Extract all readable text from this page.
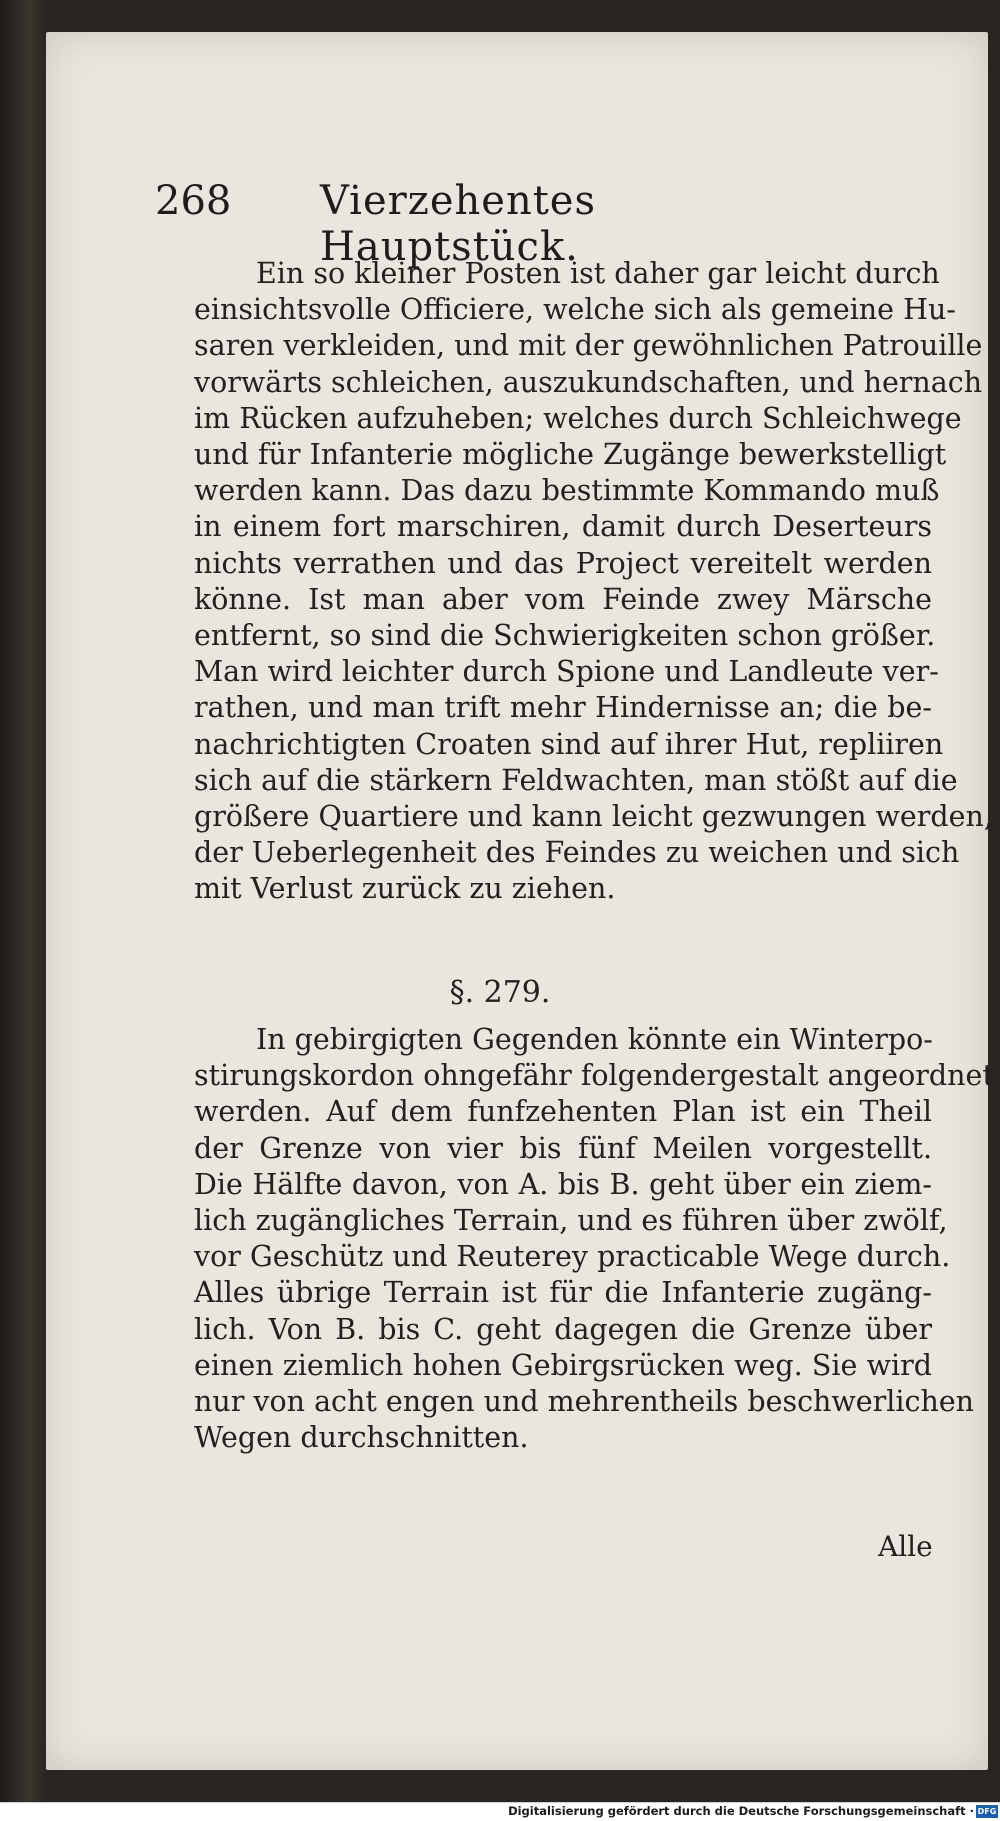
268 Vierzehentes Hauptstück.
Ein so kleiner Posten ist daher gar leicht durch
einsichtsvolle Officiere, welche sich als gemeine Hu-
saren verkleiden, und mit der gewöhnlichen Patrouille
vorwärts schleichen, auszukundschaften, und hernach
im Rücken aufzuheben; welches durch Schleichwege
und für Infanterie mögliche Zugänge bewerkstelligt
werden kann. Das dazu bestimmte Kommando muß
in einem fort marschiren, damit durch Deserteurs
nichts verrathen und das Project vereitelt werden
könne. Ist man aber vom Feinde zwey Märsche
entfernt, so sind die Schwierigkeiten schon größer.
Man wird leichter durch Spione und Landleute ver-
rathen, und man trift mehr Hindernisse an; die be-
nachrichtigten Croaten sind auf ihrer Hut, repliiren
sich auf die stärkern Feldwachten, man stößt auf die
größere Quartiere und kann leicht gezwungen werden,
der Ueberlegenheit des Feindes zu weichen und sich
mit Verlust zurück zu ziehen.
§. 279.
In gebirgigten Gegenden könnte ein Winterpo-
stirungskordon ohngefähr folgendergestalt angeordnet
werden. Auf dem funfzehenten Plan ist ein Theil
der Grenze von vier bis fünf Meilen vorgestellt.
Die Hälfte davon, von A. bis B. geht über ein ziem-
lich zugängliches Terrain, und es führen über zwölf,
vor Geschütz und Reuterey practicable Wege durch.
Alles übrige Terrain ist für die Infanterie zugäng-
lich. Von B. bis C. geht dagegen die Grenze über
einen ziemlich hohen Gebirgsrücken weg. Sie wird
nur von acht engen und mehrentheils beschwerlichen
Wegen durchschnitten.
Alle
Digitalisierung gefördert durch die Deutsche Forschungsgemeinschaft · DFG
